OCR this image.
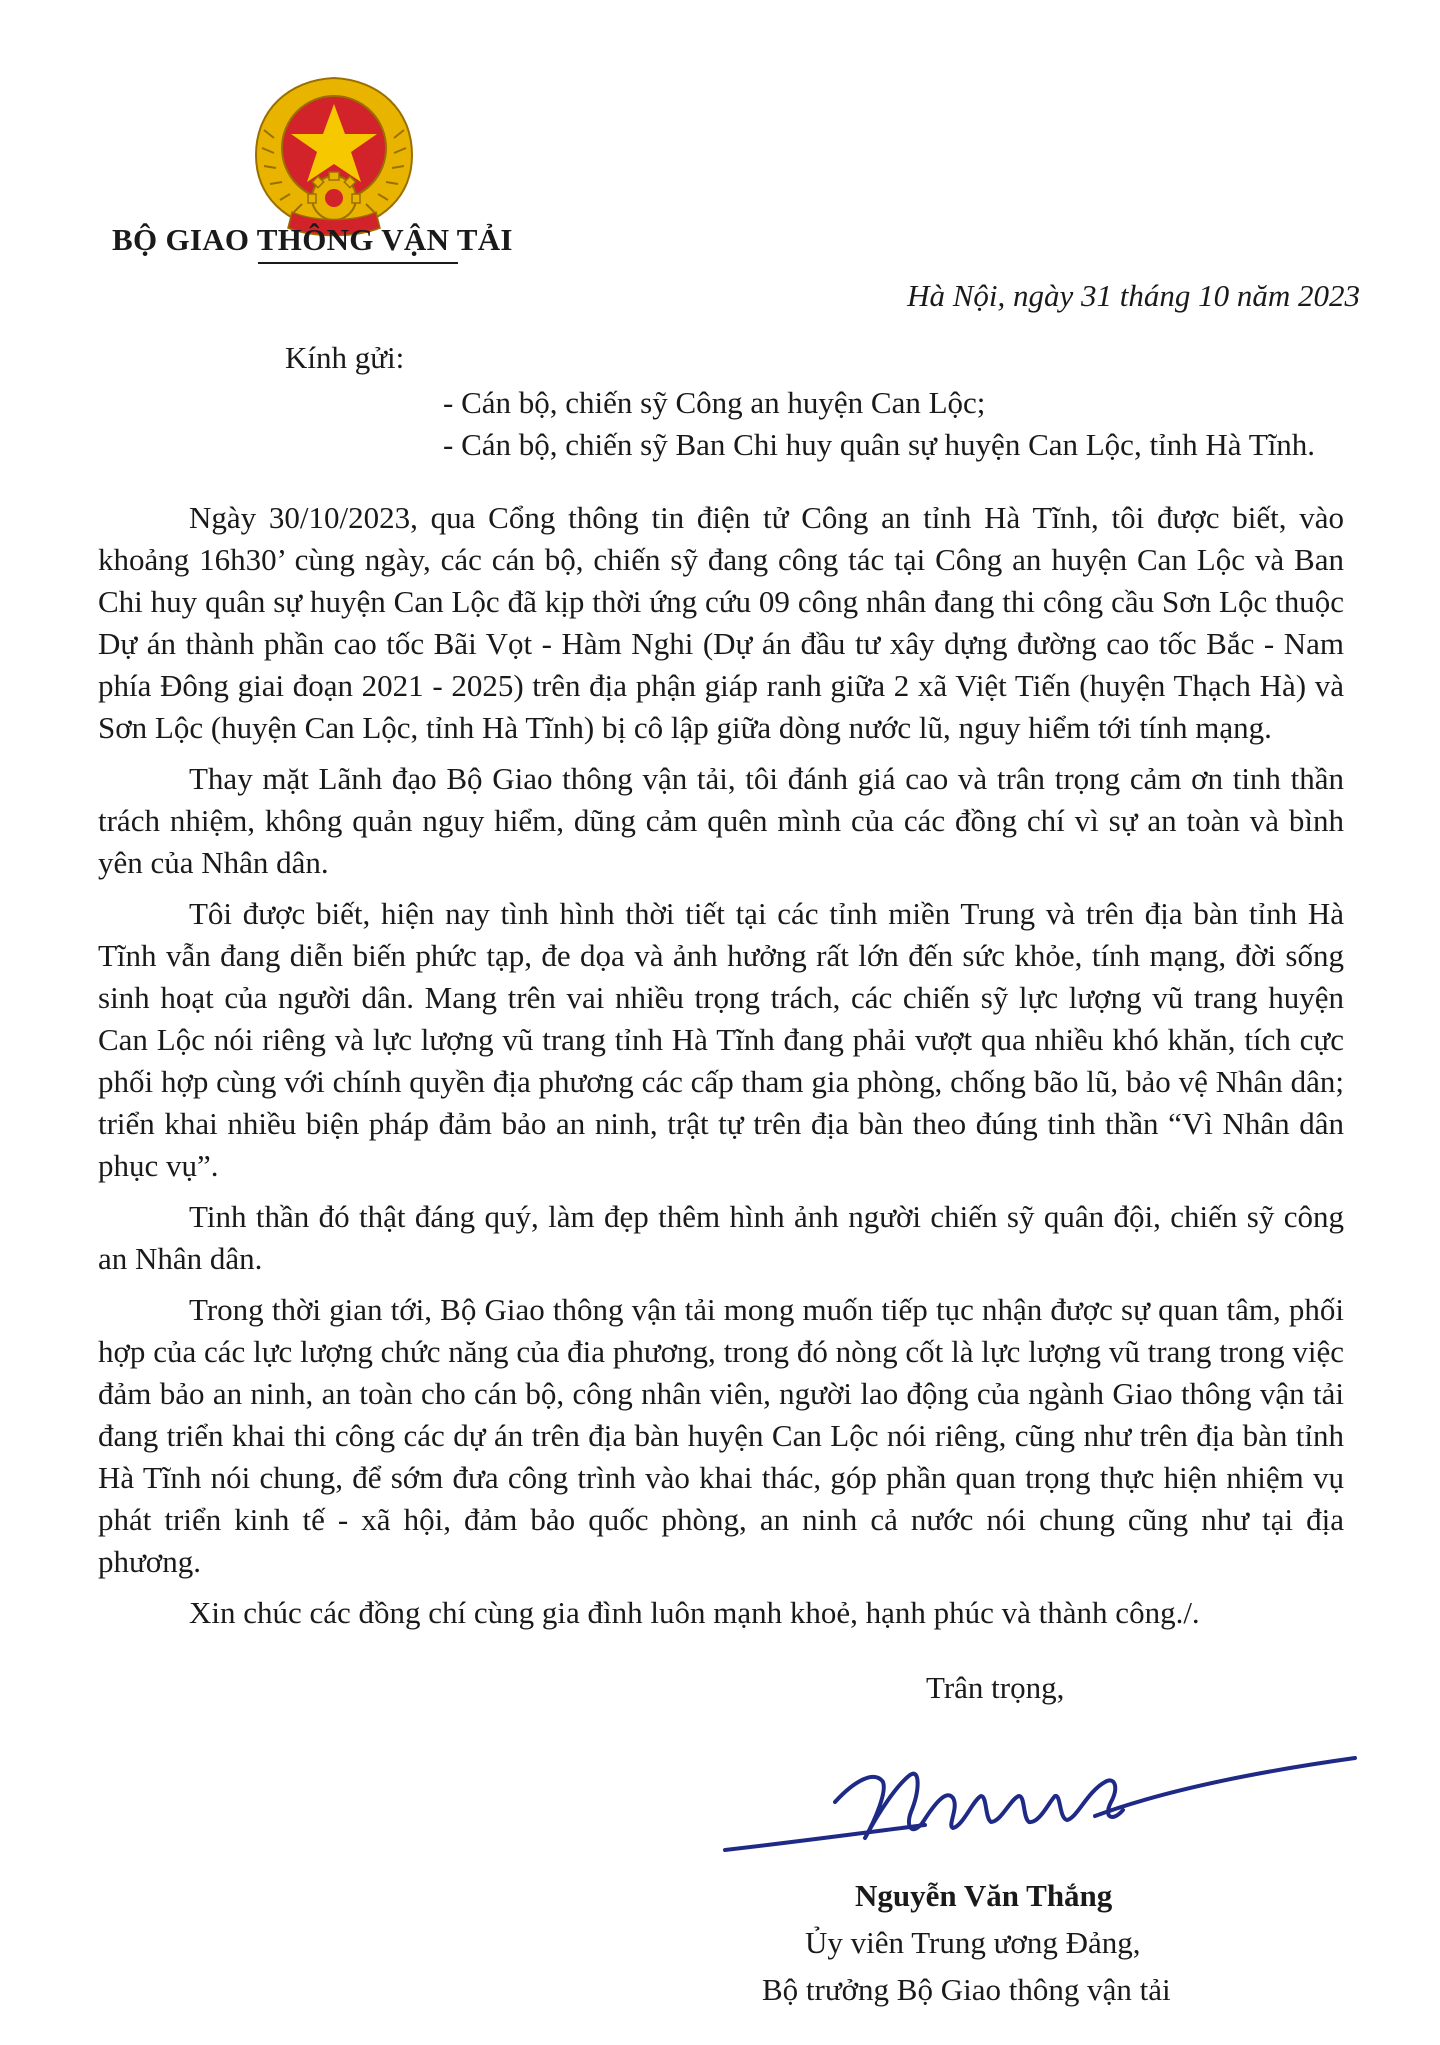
BỘ GIAO THÔNG VẬN TẢI
Hà Nội, ngày 31 tháng 10 năm 2023
Kính gửi:
- Cán bộ, chiến sỹ Công an huyện Can Lộc;
- Cán bộ, chiến sỹ Ban Chi huy quân sự huyện Can Lộc, tỉnh Hà Tĩnh.

Ngày 30/10/2023, qua Cổng thông tin điện tử Công an tỉnh Hà Tĩnh, tôi được biết, vào khoảng 16h30’ cùng ngày, các cán bộ, chiến sỹ đang công tác tại Công an huyện Can Lộc và Ban Chi huy quân sự huyện Can Lộc đã kịp thời ứng cứu 09 công nhân đang thi công cầu Sơn Lộc thuộc Dự án thành phần cao tốc Bãi Vọt - Hàm Nghi (Dự án đầu tư xây dựng đường cao tốc Bắc - Nam phía Đông giai đoạn 2021 - 2025) trên địa phận giáp ranh giữa 2 xã Việt Tiến (huyện Thạch Hà) và Sơn Lộc (huyện Can Lộc, tỉnh Hà Tĩnh) bị cô lập giữa dòng nước lũ, nguy hiểm tới tính mạng.

Thay mặt Lãnh đạo Bộ Giao thông vận tải, tôi đánh giá cao và trân trọng cảm ơn tinh thần trách nhiệm, không quản nguy hiểm, dũng cảm quên mình của các đồng chí vì sự an toàn và bình yên của Nhân dân.

Tôi được biết, hiện nay tình hình thời tiết tại các tỉnh miền Trung và trên địa bàn tỉnh Hà Tĩnh vẫn đang diễn biến phức tạp, đe dọa và ảnh hưởng rất lớn đến sức khỏe, tính mạng, đời sống sinh hoạt của người dân. Mang trên vai nhiều trọng trách, các chiến sỹ lực lượng vũ trang huyện Can Lộc nói riêng và lực lượng vũ trang tỉnh Hà Tĩnh đang phải vượt qua nhiều khó khăn, tích cực phối hợp cùng với chính quyền địa phương các cấp tham gia phòng, chống bão lũ, bảo vệ Nhân dân; triển khai nhiều biện pháp đảm bảo an ninh, trật tự trên địa bàn theo đúng tinh thần “Vì Nhân dân phục vụ”.

Tinh thần đó thật đáng quý, làm đẹp thêm hình ảnh người chiến sỹ quân đội, chiến sỹ công an Nhân dân.

Trong thời gian tới, Bộ Giao thông vận tải mong muốn tiếp tục nhận được sự quan tâm, phối hợp của các lực lượng chức năng của đia phương, trong đó nòng cốt là lực lượng vũ trang trong việc đảm bảo an ninh, an toàn cho cán bộ, công nhân viên, người lao động của ngành Giao thông vận tải đang triển khai thi công các dự án trên địa bàn huyện Can Lộc nói riêng, cũng như trên địa bàn tỉnh Hà Tĩnh nói chung, để sớm đưa công trình vào khai thác, góp phần quan trọng thực hiện nhiệm vụ phát triển kinh tế - xã hội, đảm bảo quốc phòng, an ninh cả nước nói chung cũng như tại địa phương.

Xin chúc các đồng chí cùng gia đình luôn mạnh khoẻ, hạnh phúc và thành công./.

Trân trọng,
Nguyễn Văn Thắng
Ủy viên Trung ương Đảng,
Bộ trưởng Bộ Giao thông vận tải
